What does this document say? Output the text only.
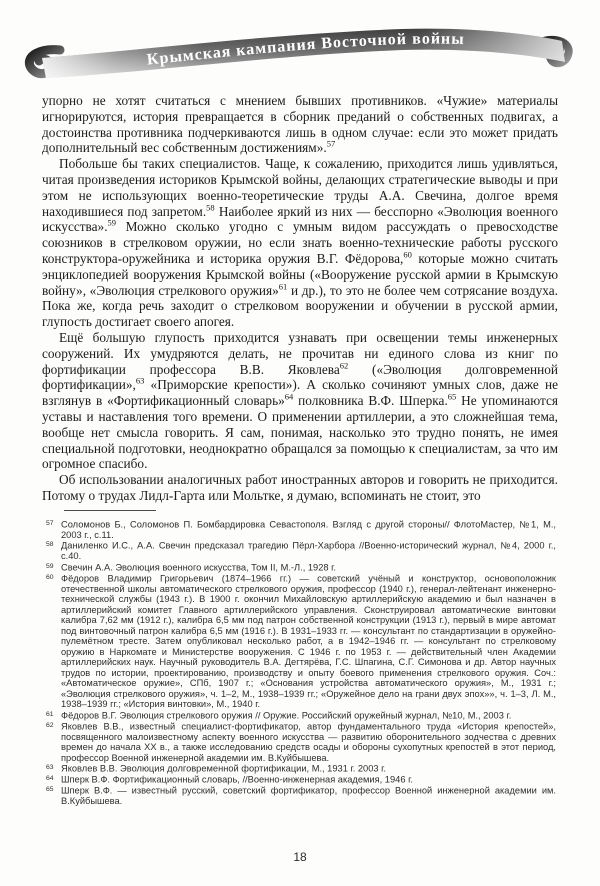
Крымская кампания Восточной войны

упорно не хотят считаться с мнением бывших противников. «Чужие» материалы игнорируются, история превращается в сборник преданий о собственных подвигах, а достоинства противника подчеркиваются лишь в одном случае: если это может придать дополнительный вес собственным достижениям».$^{57}$

Побольше бы таких специалистов. Чаще, к сожалению, приходится лишь удивляться, читая произведения историков Крымской войны, делающих стратегические выводы и при этом не использующих военно-теоретические труды А.А. Свечина, долгое время находившиеся под запретом.$^{58}$ Наиболее яркий из них — бесспорно «Эволюция военного искусства».$^{59}$ Можно сколько угодно с умным видом рассуждать о превосходстве союзников в стрелковом оружии, но если знать военно-технические работы русского конструктора-оружейника и историка оружия В.Г. Фёдорова,$^{60}$ которые можно считать энциклопедией вооружения Крымской войны («Вооружение русской армии в Крымскую войну», «Эволюция стрелкового оружия»$^{61}$ и др.), то это не более чем сотрясание воздуха. Пока же, когда речь заходит о стрелковом вооружении и обучении в русской армии, глупость достигает своего апогея.

Ещё большую глупость приходится узнавать при освещении темы инженерных сооружений. Их умудряются делать, не прочитав ни единого слова из книг по фортификации профессора В.В. Яковлева$^{62}$ («Эволюция долговременной фортификации»,$^{63}$ «Приморские крепости»). А сколько сочиняют умных слов, даже не взглянув в «Фортификационный словарь»$^{64}$ полковника В.Ф. Шперка.$^{65}$ Не упоминаются уставы и наставления того времени. О применении артиллерии, а это сложнейшая тема, вообще нет смысла говорить. Я сам, понимая, насколько это трудно понять, не имея специальной подготовки, неоднократно обращался за помощью к специалистам, за что им огромное спасибо.

Об использовании аналогичных работ иностранных авторов и говорить не приходится. Потому о трудах Лидл-Гарта или Мольтке, я думаю, вспоминать не стоит, это

$^{57}$ Соломонов Б., Соломонов П. Бомбардировка Севастополя. Взгляд с другой стороны// ФлотоМастер, №1, М., 2003 г., с.11.
$^{58}$ Даниленко И.С., А.А. Свечин предсказал трагедию Пёрл-Харбора //Военно-исторический журнал, №4, 2000 г., с.40.
$^{59}$ Свечин А.А. Эволюция военного искусства, Том II, М.-Л., 1928 г.
$^{60}$ Фёдоров Владимир Григорьевич (1874–1966 гг.) — советский учёный и конструктор, основоположник отечественной школы автоматического стрелкового оружия, профессор (1940 г.), генерал-лейтенант инженерно-технической службы (1943 г.). В 1900 г. окончил Михайловскую артиллерийскую академию и был назначен в артиллерийский комитет Главного артиллерийского управления. Сконструировал автоматические винтовки калибра 7,62 мм (1912 г.), калибра 6,5 мм под патрон собственной конструкции (1913 г.), первый в мире автомат под винтовочный патрон калибра 6,5 мм (1916 г.). В 1931–1933 гг. — консультант по стандартизации в оружейно-пулемётном тресте. Затем опубликовал несколько работ, а в 1942–1946 гг. — консультант по стрелковому оружию в Наркомате и Министерстве вооружения. С 1946 г. по 1953 г. — действительный член Академии артиллерийских наук. Научный руководитель В.А. Дегтярёва, Г.С. Шпагина, С.Г. Симонова и др. Автор научных трудов по истории, проектированию, производству и опыту боевого применения стрелкового оружия. Соч.: «Автоматическое оружие», СПб, 1907 г.; «Основания устройства автоматического оружия», М., 1931 г.; «Эволюция стрелкового оружия», ч. 1–2, М., 1938–1939 гг.; «Оружейное дело на грани двух эпох»», ч. 1–3, Л. М., 1938–1939 гг.; «История винтовки», М., 1940 г.
$^{61}$ Фёдоров В.Г. Эволюция стрелкового оружия // Оружие. Российский оружейный журнал, №10, М., 2003 г.
$^{62}$ Яковлев В.В., известный специалист-фортификатор, автор фундаментального труда «История крепостей», посвященного малоизвестному аспекту военного искусства — развитию оборонительного зодчества с древних времен до начала XX в., а также исследованию средств осады и обороны сухопутных крепостей в этот период, профессор Военной инженерной академии им. В.Куйбышева.
$^{63}$ Яковлев В.В. Эволюция долговременной фортификации, М., 1931 г. 2003 г.
$^{64}$ Шперк В.Ф. Фортификационный словарь, //Военно-инженерная академия, 1946 г.
$^{65}$ Шперк В.Ф. — известный русский, советский фортификатор, профессор Военной инженерной академии им. В.Куйбышева.
18
